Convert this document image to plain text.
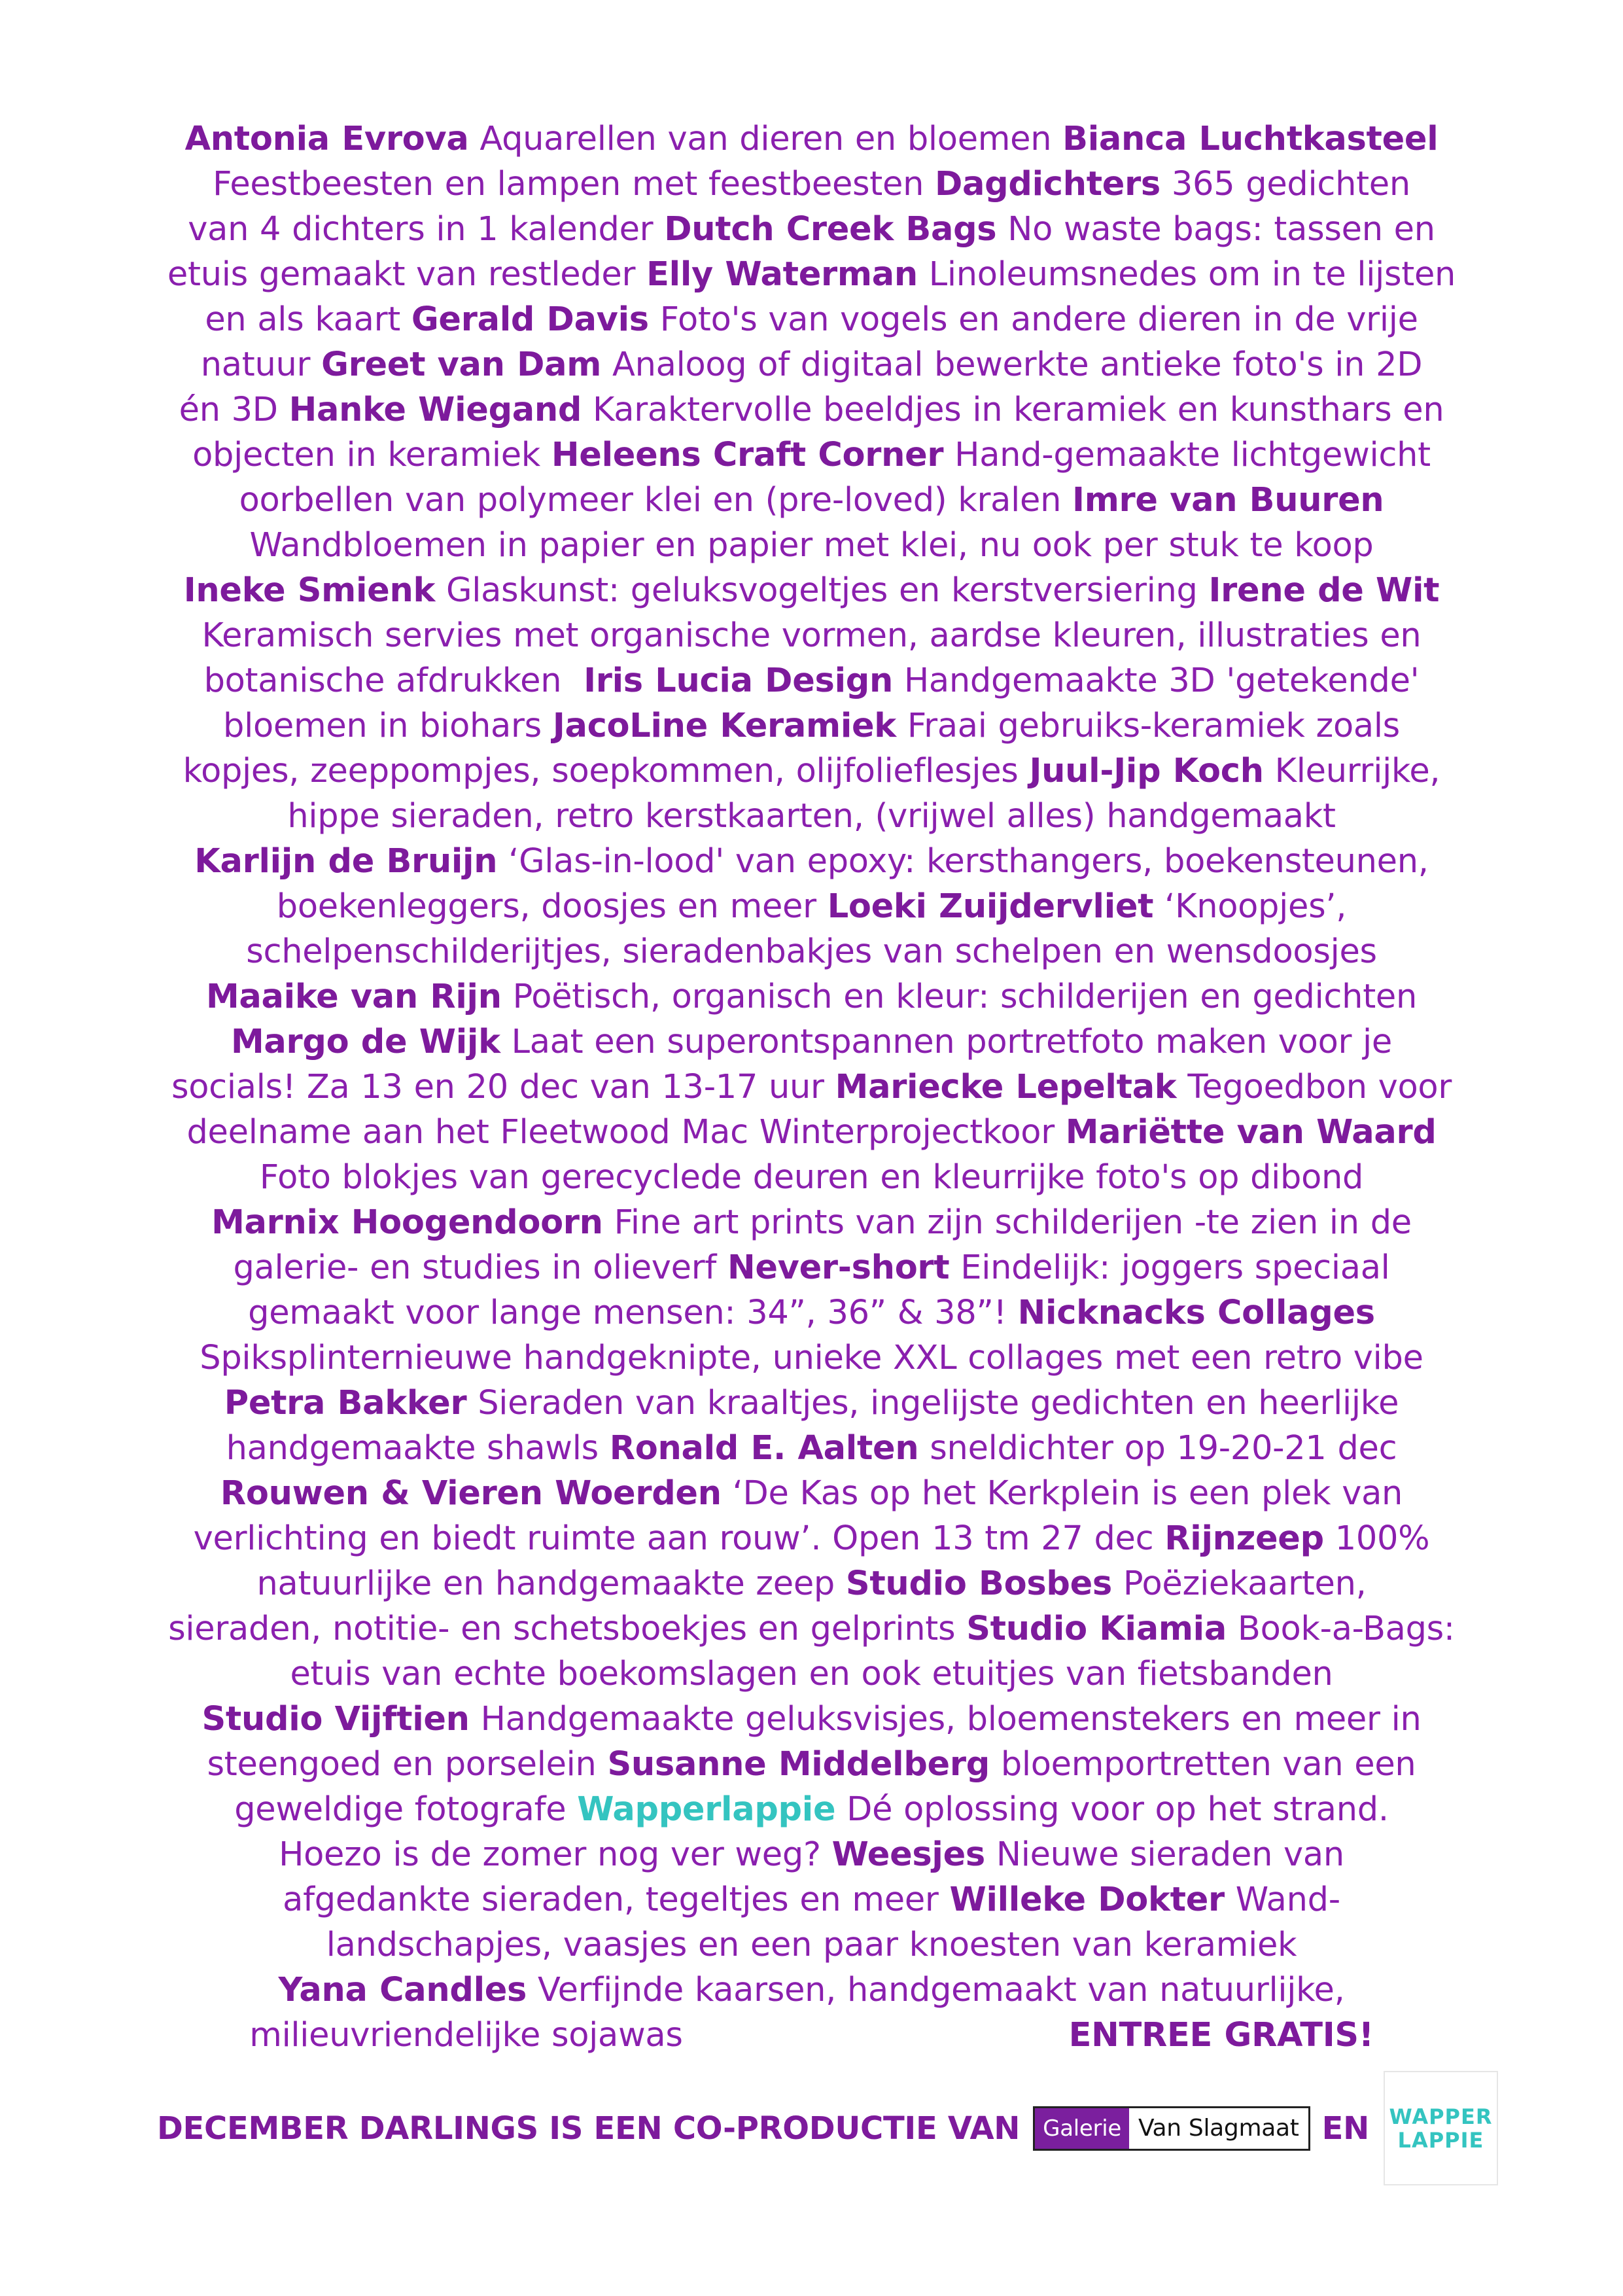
Antonia Evrova Aquarellen van dieren en bloemen Bianca Luchtkasteel
Feestbeesten en lampen met feestbeesten Dagdichters 365 gedichten
van 4 dichters in 1 kalender Dutch Creek Bags No waste bags: tassen en
etuis gemaakt van restleder Elly Waterman Linoleumsnedes om in te lijsten
en als kaart Gerald Davis Foto's van vogels en andere dieren in de vrije
natuur Greet van Dam Analoog of digitaal bewerkte antieke foto's in 2D
én 3D Hanke Wiegand Karaktervolle beeldjes in keramiek en kunsthars en
objecten in keramiek Heleens Craft Corner Hand-gemaakte lichtgewicht
oorbellen van polymeer klei en (pre-loved) kralen Imre van Buuren
Wandbloemen in papier en papier met klei, nu ook per stuk te koop
Ineke Smienk Glaskunst: geluksvogeltjes en kerstversiering Irene de Wit
Keramisch servies met organische vormen, aardse kleuren, illustraties en
botanische afdrukken  Iris Lucia Design Handgemaakte 3D 'getekende'
bloemen in biohars JacoLine Keramiek Fraai gebruiks-keramiek zoals
kopjes, zeeppompjes, soepkommen, olijfolieflesjes Juul-Jip Koch Kleurrijke,
hippe sieraden, retro kerstkaarten, (vrijwel alles) handgemaakt
Karlijn de Bruijn ‘Glas-in-lood' van epoxy: kersthangers, boekensteunen,
boekenleggers, doosjes en meer Loeki Zuijdervliet ‘Knoopjes’,
schelpenschilderijtjes, sieradenbakjes van schelpen en wensdoosjes
Maaike van Rijn Poëtisch, organisch en kleur: schilderijen en gedichten
Margo de Wijk Laat een superontspannen portretfoto maken voor je
socials! Za 13 en 20 dec van 13-17 uur Mariecke Lepeltak Tegoedbon voor
deelname aan het Fleetwood Mac Winterprojectkoor Mariëtte van Waard
Foto blokjes van gerecyclede deuren en kleurrijke foto's op dibond
Marnix Hoogendoorn Fine art prints van zijn schilderijen -te zien in de
galerie- en studies in olieverf Never-short Eindelijk: joggers speciaal
gemaakt voor lange mensen: 34”, 36” & 38”! Nicknacks Collages
Spiksplinternieuwe handgeknipte, unieke XXL collages met een retro vibe
Petra Bakker Sieraden van kraaltjes, ingelijste gedichten en heerlijke
handgemaakte shawls Ronald E. Aalten sneldichter op 19-20-21 dec
Rouwen & Vieren Woerden ‘De Kas op het Kerkplein is een plek van
verlichting en biedt ruimte aan rouw’. Open 13 tm 27 dec Rijnzeep 100%
natuurlijke en handgemaakte zeep Studio Bosbes Poëziekaarten,
sieraden, notitie- en schetsboekjes en gelprints Studio Kiamia Book-a-Bags:
etuis van echte boekomslagen en ook etuitjes van fietsbanden
Studio Vijftien Handgemaakte geluksvisjes, bloemenstekers en meer in
steengoed en porselein Susanne Middelberg bloemportretten van een
geweldige fotografe Wapperlappie Dé oplossing voor op het strand.
Hoezo is de zomer nog ver weg? Weesjes Nieuwe sieraden van
afgedankte sieraden, tegeltjes en meer Willeke Dokter Wand-
landschapjes, vaasjes en een paar knoesten van keramiek
Yana Candles Verfijnde kaarsen, handgemaakt van natuurlijke,
milieuvriendelijke sojawas	ENTREE GRATIS!
DECEMBER DARLINGS IS EEN CO-PRODUCTIE VAN	Galerie Van Slagmaat EN WAPPER
LAPPIE
